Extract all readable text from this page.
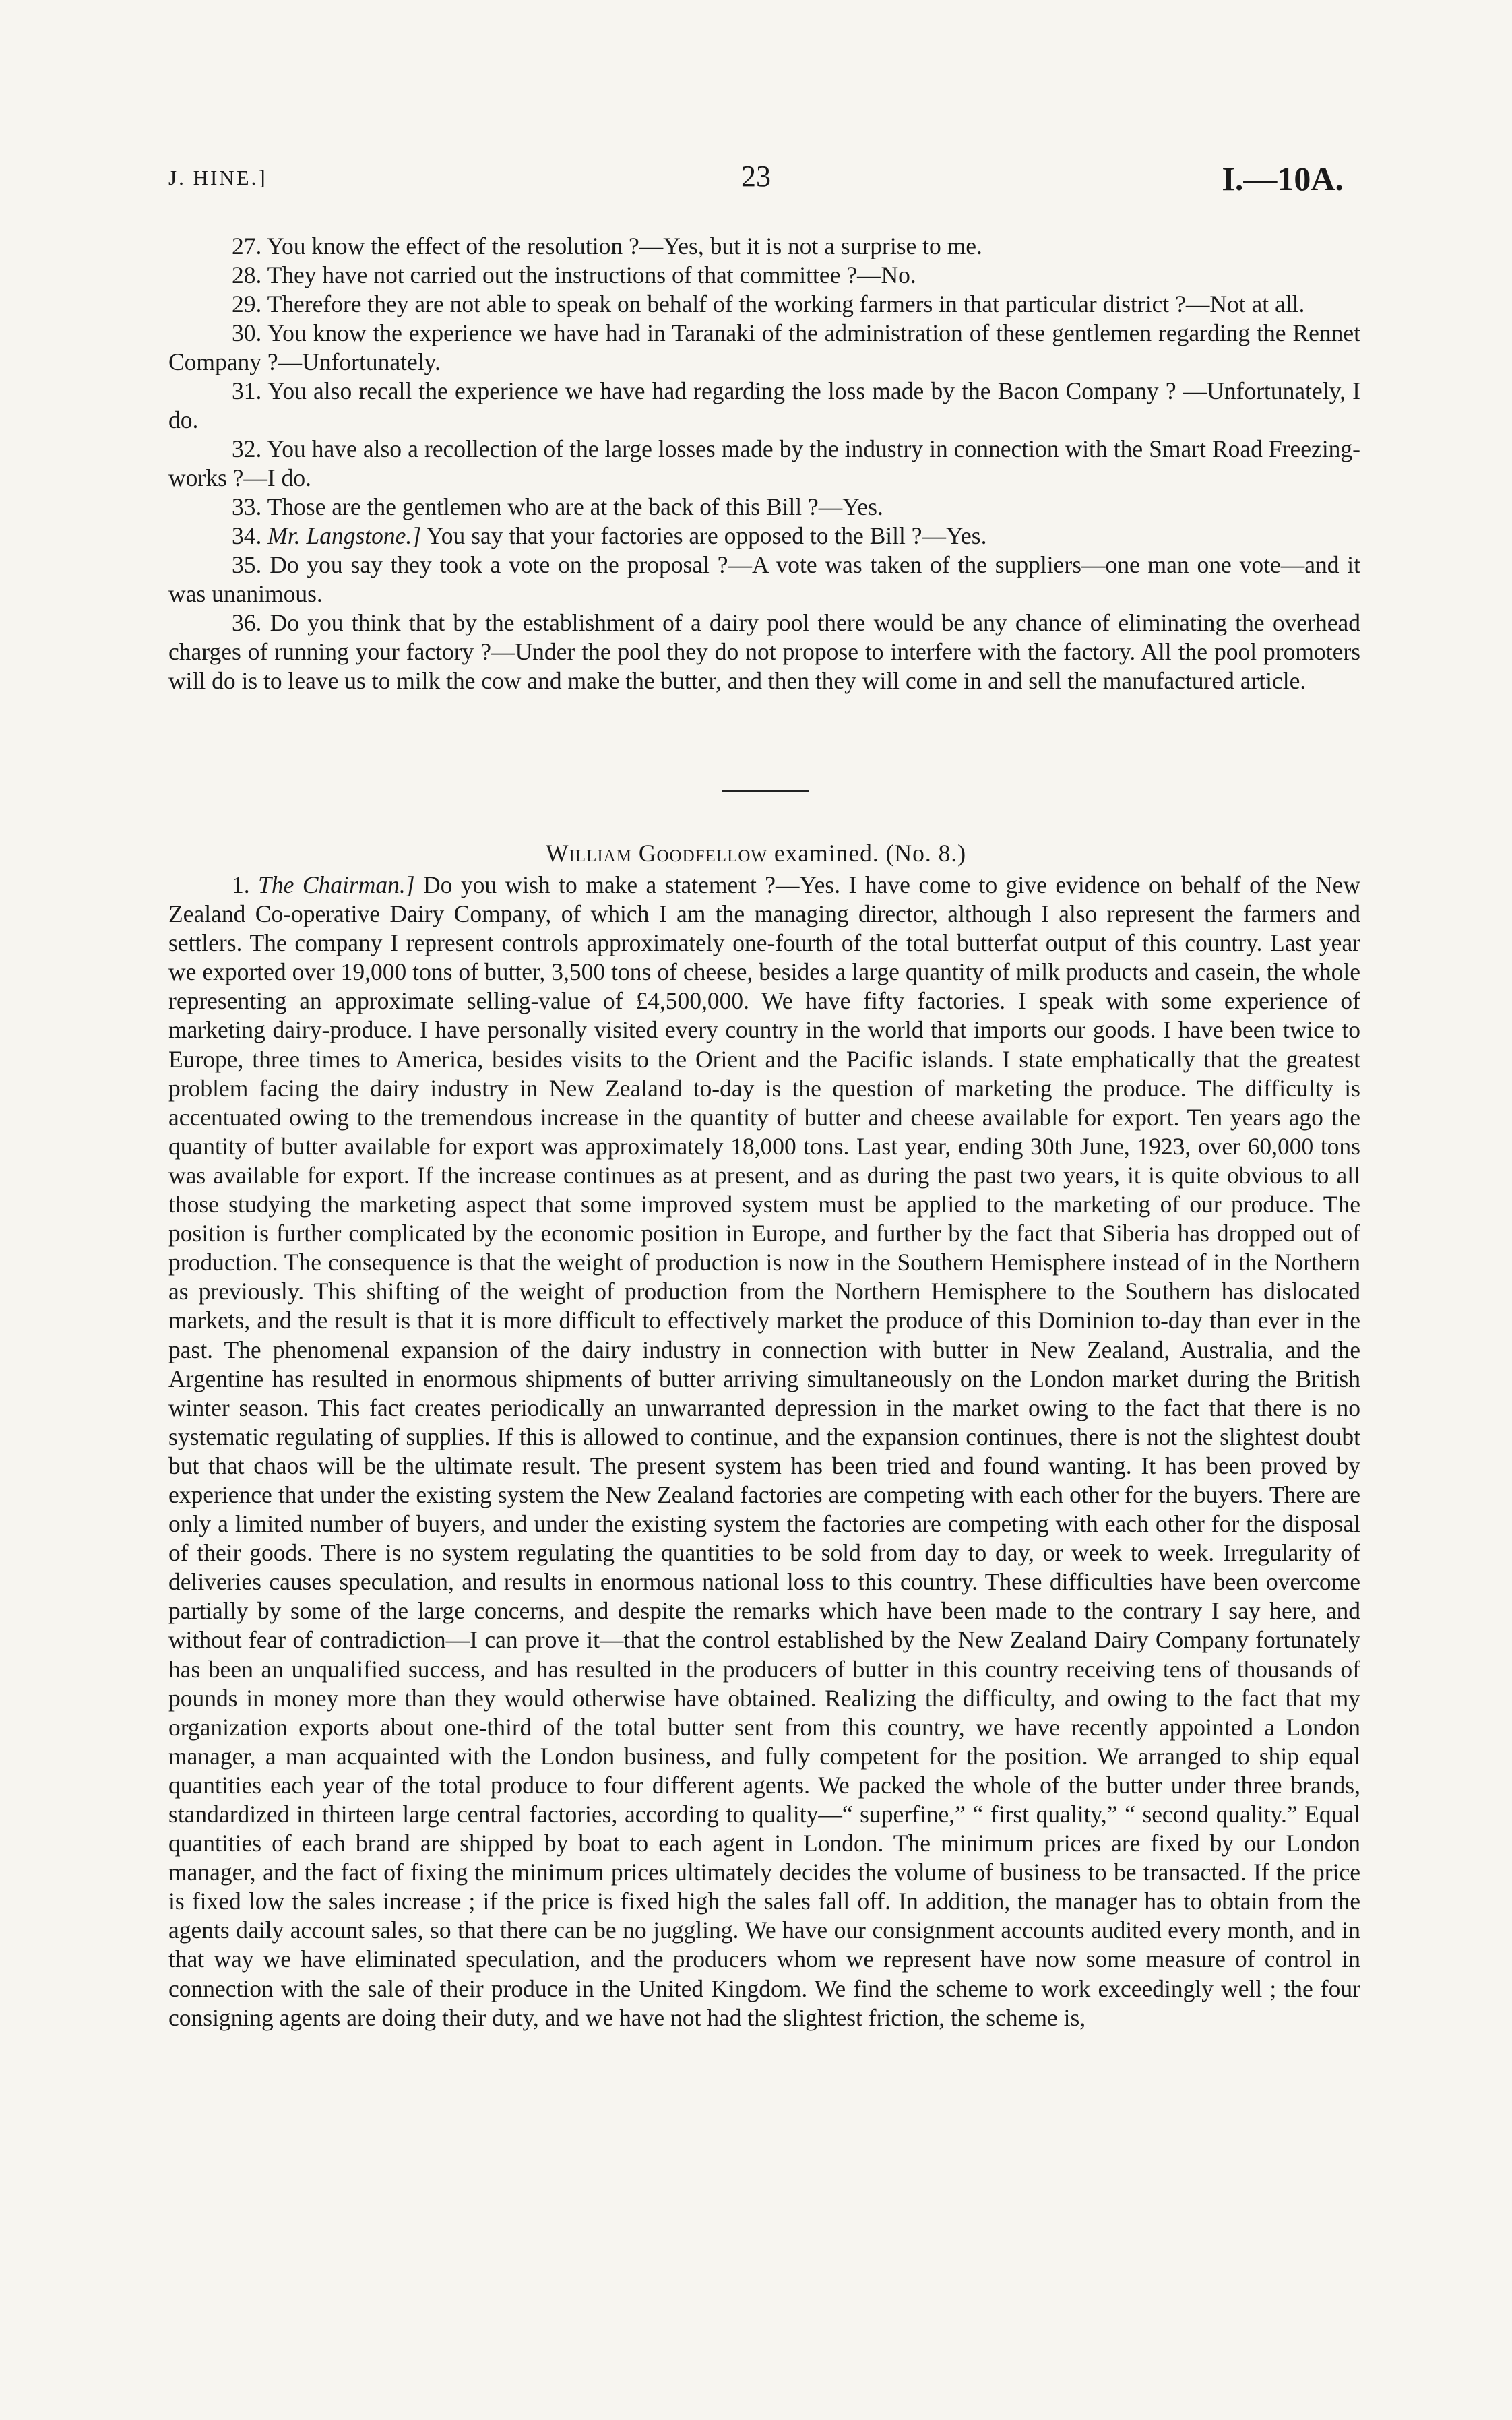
J. HINE.]	23	I.—10A.

27. You know the effect of the resolution ?—Yes, but it is not a surprise to me.

28. They have not carried out the instructions of that committee ?—No.

29. Therefore they are not able to speak on behalf of the working farmers in that particular district ?—Not at all.

30. You know the experience we have had in Taranaki of the administration of these gentlemen regarding the Rennet Company ?—Unfortunately.

31. You also recall the experience we have had regarding the loss made by the Bacon Company ? —Unfortunately, I do.

32. You have also a recollection of the large losses made by the industry in connection with the Smart Road Freezing-works ?—I do.

33. Those are the gentlemen who are at the back of this Bill ?—Yes.

34. Mr. Langstone.] You say that your factories are opposed to the Bill ?—Yes.

35. Do you say they took a vote on the proposal ?—A vote was taken of the suppliers—one man one vote—and it was unanimous.

36. Do you think that by the establishment of a dairy pool there would be any chance of eliminating the overhead charges of running your factory ?—Under the pool they do not propose to interfere with the factory. All the pool promoters will do is to leave us to milk the cow and make the butter, and then they will come in and sell the manufactured article.

William Goodfellow examined. (No. 8.)

1. The Chairman.] Do you wish to make a statement ?—Yes. I have come to give evidence on behalf of the New Zealand Co-operative Dairy Company, of which I am the managing director, although I also represent the farmers and settlers. The company I represent controls approximately one-fourth of the total butterfat output of this country. Last year we exported over 19,000 tons of butter, 3,500 tons of cheese, besides a large quantity of milk products and casein, the whole representing an approximate selling-value of £4,500,000. We have fifty factories. I speak with some experience of marketing dairy-produce. I have personally visited every country in the world that imports our goods. I have been twice to Europe, three times to America, besides visits to the Orient and the Pacific islands. I state emphatically that the greatest problem facing the dairy industry in New Zealand to-day is the question of marketing the produce. The difficulty is accentuated owing to the tremendous increase in the quantity of butter and cheese available for export. Ten years ago the quantity of butter available for export was approximately 18,000 tons. Last year, ending 30th June, 1923, over 60,000 tons was available for export. If the increase continues as at present, and as during the past two years, it is quite obvious to all those studying the marketing aspect that some improved system must be applied to the marketing of our produce. The position is further complicated by the economic position in Europe, and further by the fact that Siberia has dropped out of production. The consequence is that the weight of production is now in the Southern Hemisphere instead of in the Northern as previously. This shifting of the weight of production from the Northern Hemisphere to the Southern has dislocated markets, and the result is that it is more difficult to effectively market the produce of this Dominion to-day than ever in the past. The phenomenal expansion of the dairy industry in connection with butter in New Zealand, Australia, and the Argentine has resulted in enormous shipments of butter arriving simultaneously on the London market during the British winter season. This fact creates periodically an unwarranted depression in the market owing to the fact that there is no systematic regulating of supplies. If this is allowed to continue, and the expansion continues, there is not the slightest doubt but that chaos will be the ultimate result. The present system has been tried and found wanting. It has been proved by experience that under the existing system the New Zealand factories are competing with each other for the buyers. There are only a limited number of buyers, and under the existing system the factories are competing with each other for the disposal of their goods. There is no system regulating the quantities to be sold from day to day, or week to week. Irregularity of deliveries causes speculation, and results in enormous national loss to this country. These difficulties have been overcome partially by some of the large concerns, and despite the remarks which have been made to the contrary I say here, and without fear of contradiction—I can prove it—that the control established by the New Zealand Dairy Company fortunately has been an unqualified success, and has resulted in the producers of butter in this country receiving tens of thousands of pounds in money more than they would otherwise have obtained. Realizing the difficulty, and owing to the fact that my organization exports about one-third of the total butter sent from this country, we have recently appointed a London manager, a man acquainted with the London business, and fully competent for the position. We arranged to ship equal quantities each year of the total produce to four different agents. We packed the whole of the butter under three brands, standardized in thirteen large central factories, according to quality—“ superfine,” “ first quality,” “ second quality.” Equal quantities of each brand are shipped by boat to each agent in London. The minimum prices are fixed by our London manager, and the fact of fixing the minimum prices ultimately decides the volume of business to be transacted. If the price is fixed low the sales increase ; if the price is fixed high the sales fall off. In addition, the manager has to obtain from the agents daily account sales, so that there can be no juggling. We have our consignment accounts audited every month, and in that way we have eliminated speculation, and the producers whom we represent have now some measure of control in connection with the sale of their produce in the United Kingdom. We find the scheme to work exceedingly well ; the four consigning agents are doing their duty, and we have not had the slightest friction, the scheme is,
